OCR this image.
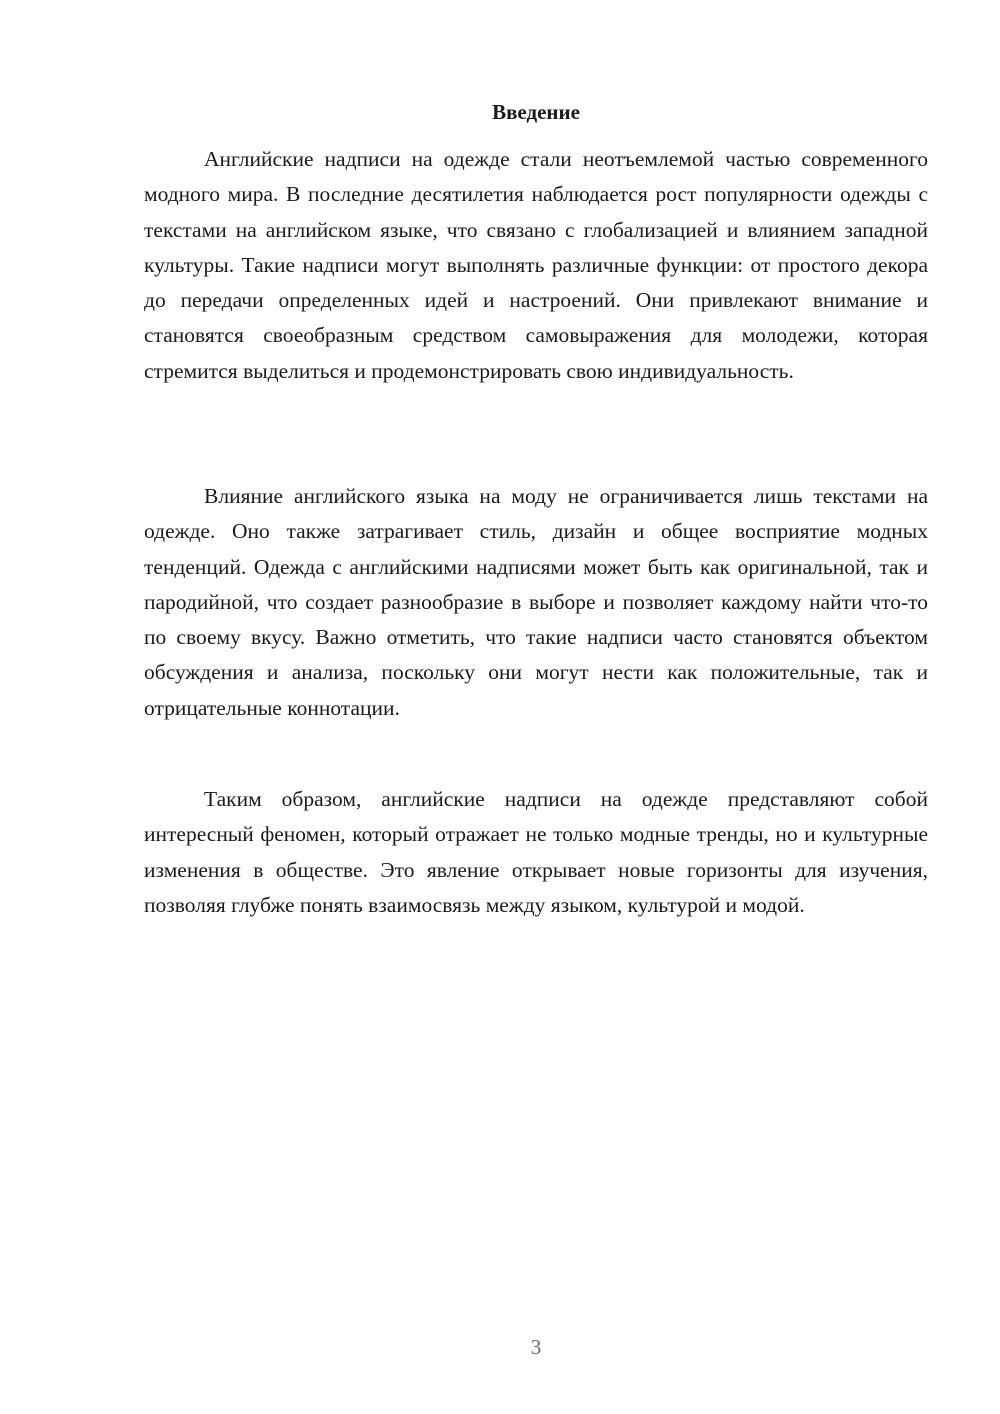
Введение

Английские надписи на одежде стали неотъемлемой частью современного модного мира. В последние десятилетия наблюдается рост популярности одежды с текстами на английском языке, что связано с глобализацией и влиянием западной культуры. Такие надписи могут выполнять различные функции: от простого декора до передачи определенных идей и настроений. Они привлекают внимание и становятся своеобразным средством самовыражения для молодежи, которая стремится выделиться и продемонстрировать свою индивидуальность.

Влияние английского языка на моду не ограничивается лишь текстами на одежде. Оно также затрагивает стиль, дизайн и общее восприятие модных тенденций. Одежда с английскими надписями может быть как оригинальной, так и пародийной, что создает разнообразие в выборе и позволяет каждому найти что-то по своему вкусу. Важно отметить, что такие надписи часто становятся объектом обсуждения и анализа, поскольку они могут нести как положительные, так и отрицательные коннотации.

Таким образом, английские надписи на одежде представляют собой интересный феномен, который отражает не только модные тренды, но и культурные изменения в обществе. Это явление открывает новые горизонты для изучения, позволяя глубже понять взаимосвязь между языком, культурой и модой.

3
